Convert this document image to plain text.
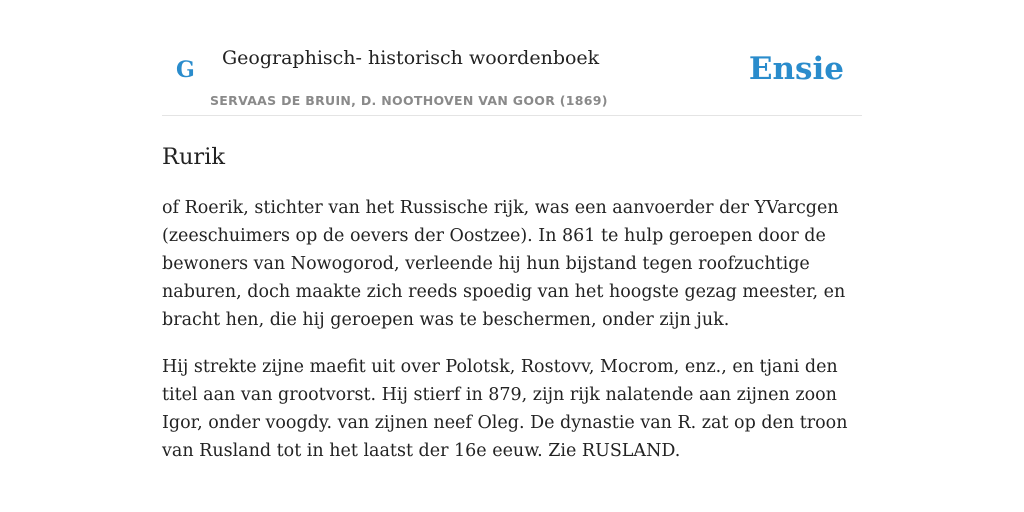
G Geographisch- historisch woordenboek
SERVAAS DE BRUIN, D. NOOTHOVEN VAN GOOR (1869)
Ensie
Rurik

of Roerik, stichter van het Russische rijk, was een aanvoerder der YVarcgen (zeeschuimers op de oevers der Oostzee). In 861 te hulp geroepen door de bewoners van Nowogorod, verleende hij hun bijstand tegen roofzuchtige naburen, doch maakte zich reeds spoedig van het hoogste gezag meester, en bracht hen, die hij geroepen was te beschermen, onder zijn juk.

Hij strekte zijne maefit uit over Polotsk, Rostovv, Mocrom, enz., en tjani den titel aan van grootvorst. Hij stierf in 879, zijn rijk nalatende aan zijnen zoon Igor, onder voogdy. van zijnen neef Oleg. De dynastie van R. zat op den troon van Rusland tot in het laatst der 16e eeuw. Zie RUSLAND.
